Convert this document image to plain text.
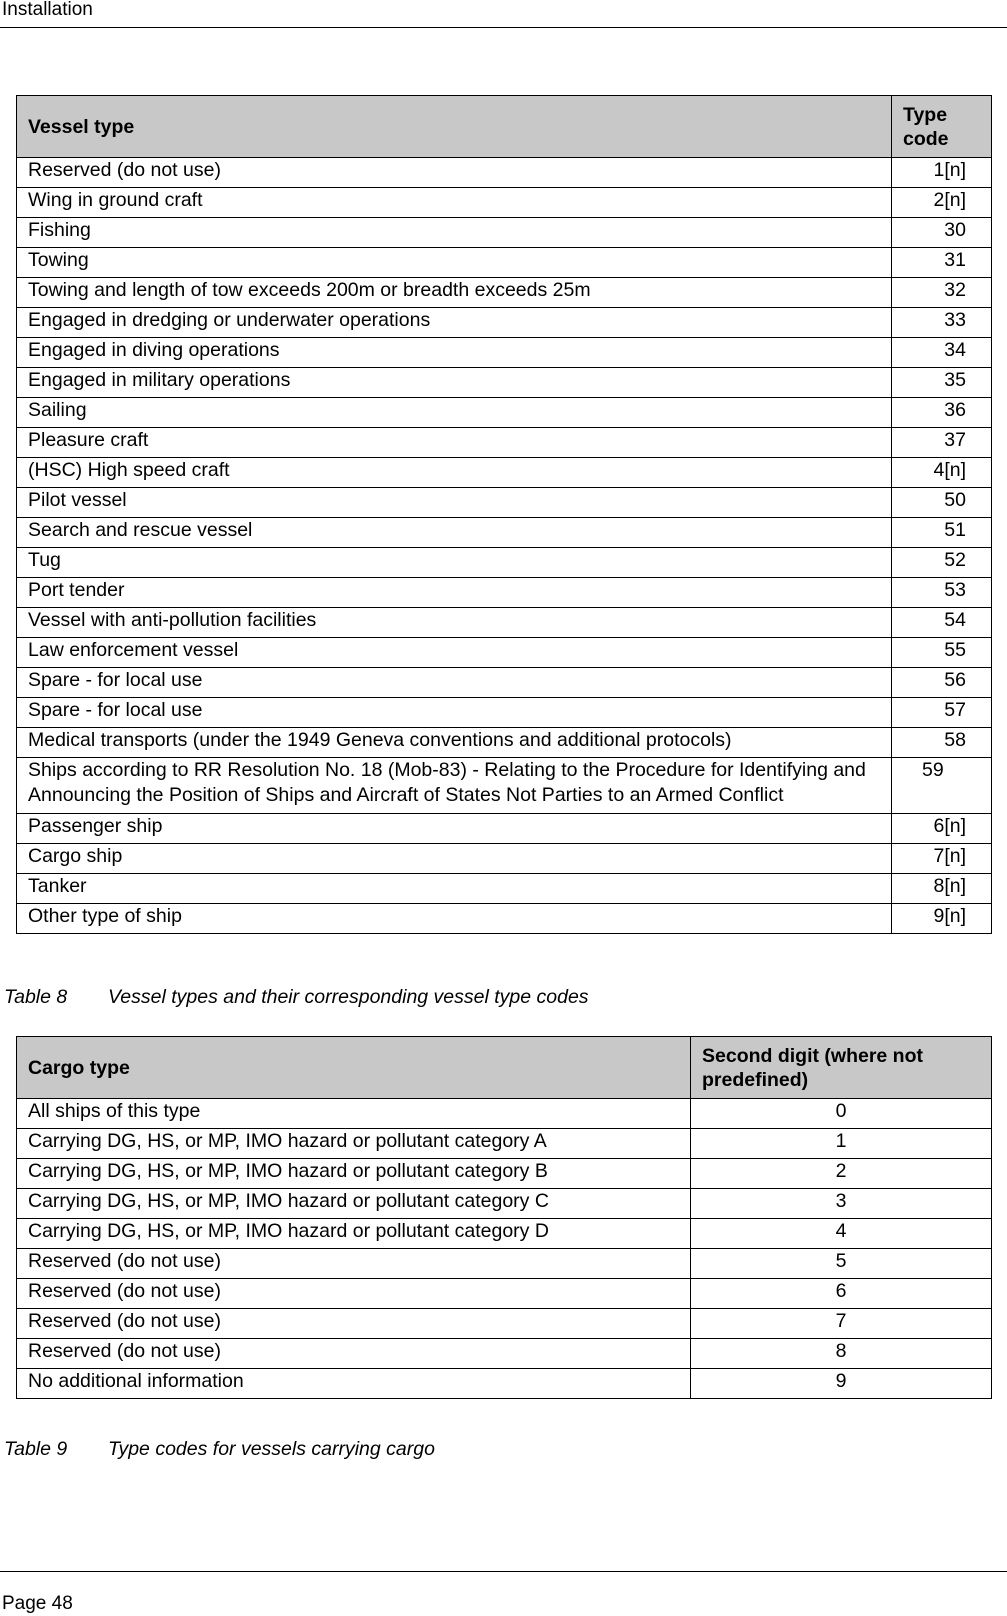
Installation
Vessel type	Type code
Reserved (do not use)	1[n]
Wing in ground craft	2[n]
Fishing	30
Towing	31
Towing and length of tow exceeds 200m or breadth exceeds 25m	32
Engaged in dredging or underwater operations	33
Engaged in diving operations	34
Engaged in military operations	35
Sailing	36
Pleasure craft	37
(HSC) High speed craft	4[n]
Pilot vessel	50
Search and rescue vessel	51
Tug	52
Port tender	53
Vessel with anti-pollution facilities	54
Law enforcement vessel	55
Spare - for local use	56
Spare - for local use	57
Medical transports (under the 1949 Geneva conventions and additional protocols)	58
Ships according to RR Resolution No. 18 (Mob-83) - Relating to the Procedure for Identifying and Announcing the Position of Ships and Aircraft of States Not Parties to an Armed Conflict	59
Passenger ship	6[n]
Cargo ship	7[n]
Tanker	8[n]
Other type of ship	9[n]
Table 8 Vessel types and their corresponding vessel type codes
Cargo type	Second digit (where not predefined)
All ships of this type	0
Carrying DG, HS, or MP, IMO hazard or pollutant category A	1
Carrying DG, HS, or MP, IMO hazard or pollutant category B	2
Carrying DG, HS, or MP, IMO hazard or pollutant category C	3
Carrying DG, HS, or MP, IMO hazard or pollutant category D	4
Reserved (do not use)	5
Reserved (do not use)	6
Reserved (do not use)	7
Reserved (do not use)	8
No additional information	9
Table 9 Type codes for vessels carrying cargo
Page 48
